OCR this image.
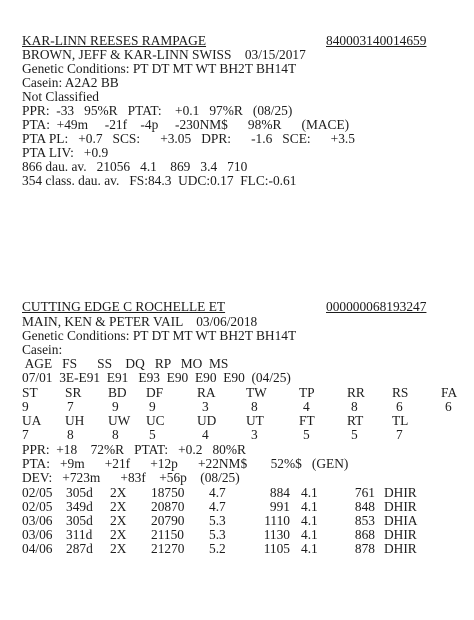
KAR-LINN REESES RAMPAGE	840003140014659
BROWN, JEFF & KAR-LINN SWISS    03/15/2017
Genetic Conditions: PT DT MT WT BH2T BH14T
Casein: A2A2 BB
Not Classified
PPR:  -33   95%R   PTAT:    +0.1   97%R   (08/25)
PTA:  +49m     -21f    -4p     -230NM$      98%R      (MACE)
PTA PL:   +0.7   SCS:      +3.05   DPR:      -1.6   SCE:      +3.5
PTA LIV:   +0.9
866 dau. av.   21056   4.1    869   3.4   710
354 class. dau. av.   FS:84.3  UDC:0.17  FLC:-0.61
CUTTING EDGE C ROCHELLE ET	000000068193247
MAIN, KEN & PETER VAIL    03/06/2018
Genetic Conditions: PT DT MT WT BH2T BH14T
Casein:
AGE   FS      SS    DQ   RP   MO  MS
07/01  3E-E91  E91   E93  E90  E90  E90  (04/25)
ST SR BD DF	RA TW TP RR RS FA
9	7	9 9	3	8	4	8	6	6
UA UH UW UC UD UT	FT RT TL
7	8	8 5	4	3	5	5	7
PPR:  +18    72%R   PTAT:   +0.2   80%R
PTA:   +9m      +21f      +12p      +22NM$       52%$   (GEN)
DEV:   +723m      +83f    +56p    (08/25)
02/05 305d 2X 18750 4.7	884 4.1	761 DHIR
02/05 349d 2X 20870 4.7	991 4.1	848 DHIR
03/06 305d 2X 20790 5.3	1110 4.1	853 DHIA
03/06 311d 2X 21150 5.3	1130 4.1	868 DHIR
04/06 287d 2X 21270 5.2	1105 4.1	878 DHIR
